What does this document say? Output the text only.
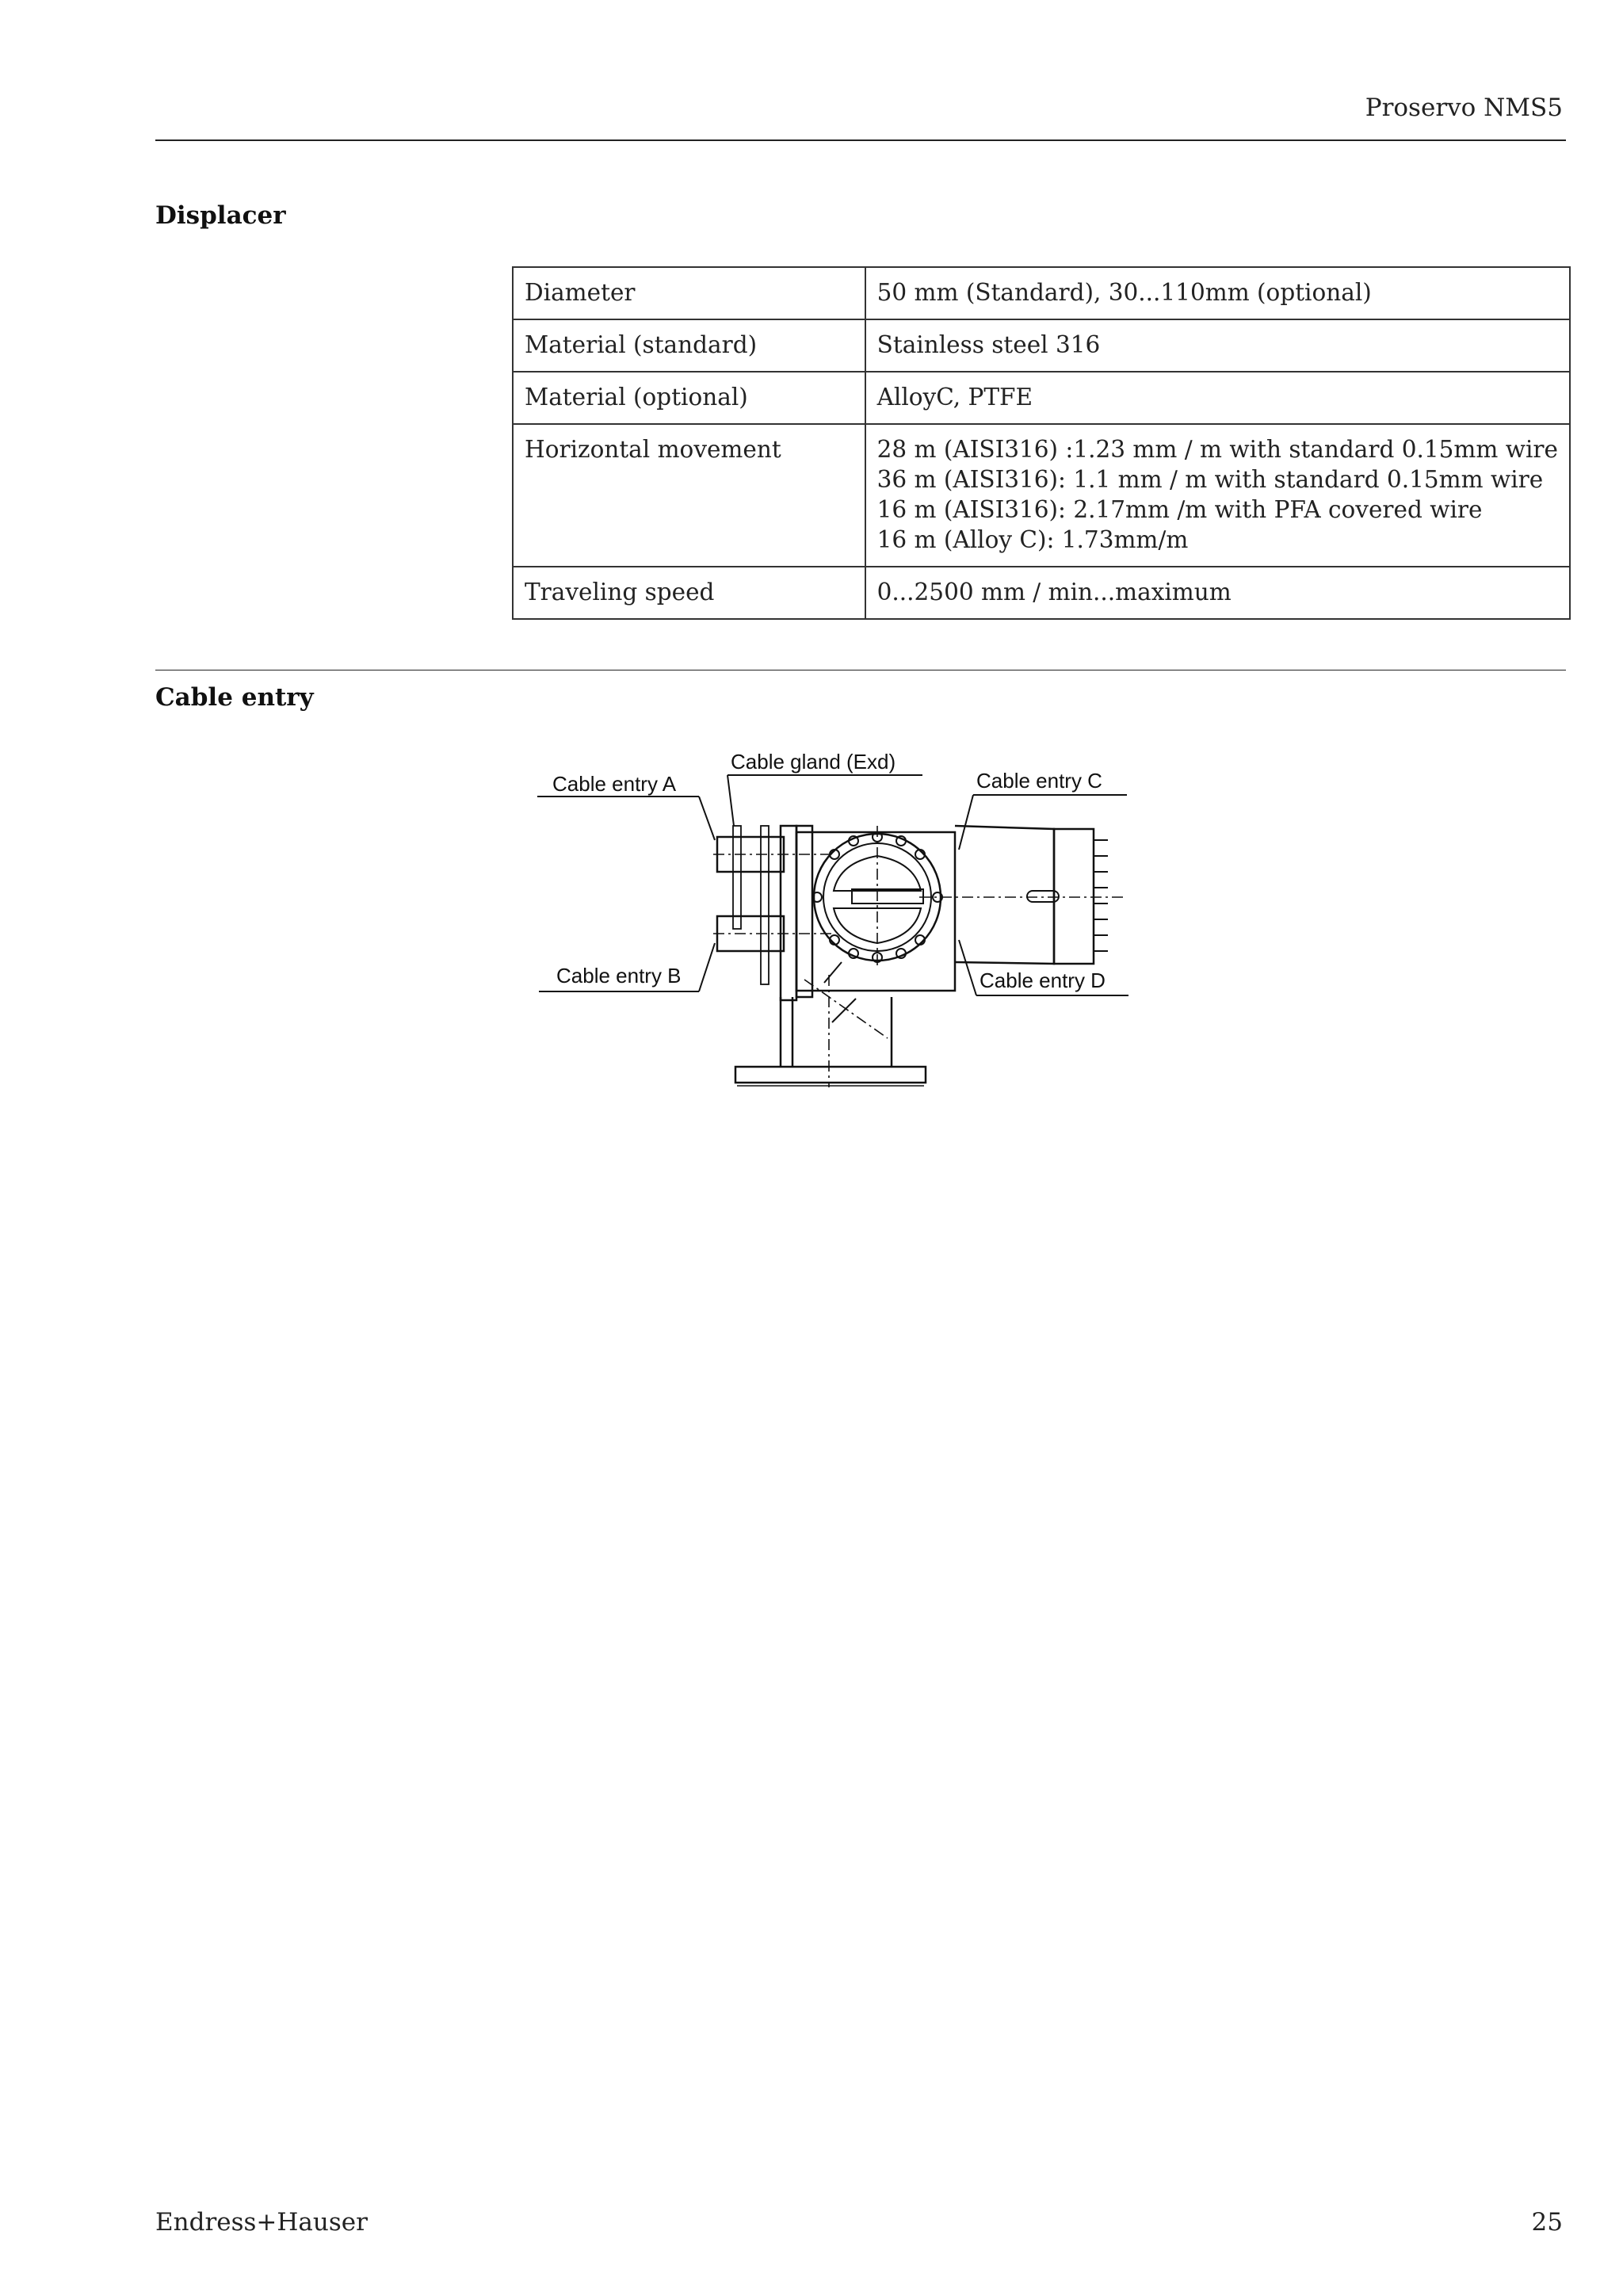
Proservo NMS5
Displacer
Diameter	50 mm (Standard), 30...110mm (optional)

Material (standard)	Stainless steel 316

Material (optional)	AlloyC, PTFE

Horizontal movement	28 m (AISI316) :1.23 mm / m with standard 0.15mm wire
36 m (AISI316): 1.1 mm / m with standard 0.15mm wire
16 m (AISI316): 2.17mm /m with PFA covered wire
16 m (Alloy C): 1.73mm/m

Traveling speed	0...2500 mm / min...maximum
Cable entry
Cable entry A
Cable gland (Exd)
Cable entry C
Cable entry B	Cable entry D
Endress+Hauser	25
